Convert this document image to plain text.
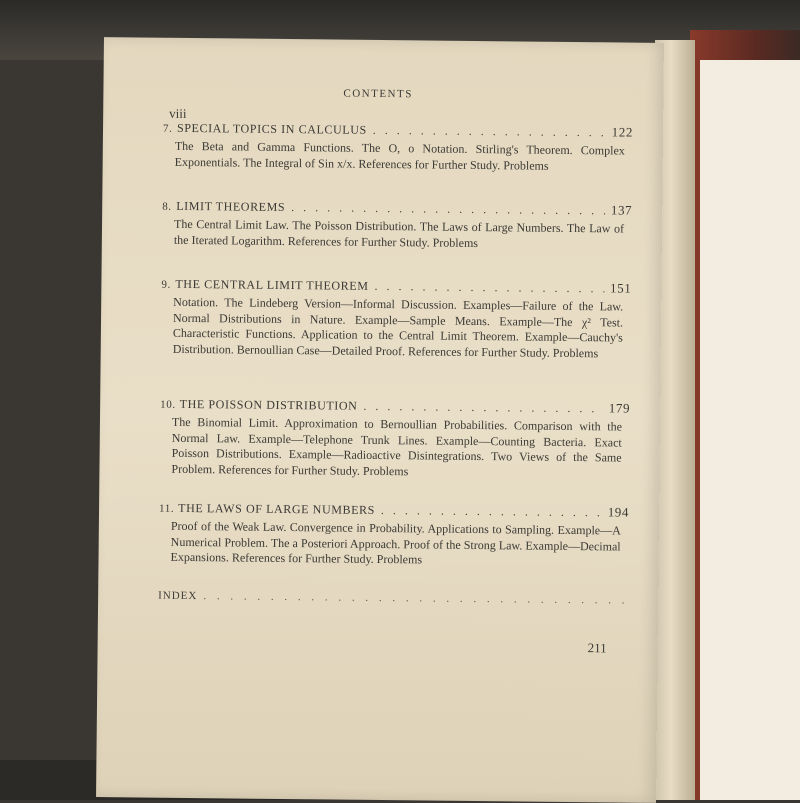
CONTENTS
viii
7. SPECIAL TOPICS IN CALCULUS . . .	122
The Beta and Gamma Functions. The O, o Notation. Stirling's Theorem. Complex Exponentials. The Integral of Sin x/x. References for Further Study. Problems
8. LIMIT THEOREMS . . .	137
The Central Limit Law. The Poisson Distribution. The Laws of Large Numbers. The Law of the Iterated Logarithm. References for Further Study. Problems
9. THE CENTRAL LIMIT THEOREM . . .	151
Notation. The Lindeberg Version—Informal Discussion. Examples—Failure of the Law. Normal Distributions in Nature. Example—Sample Means. Example—The χ² Test. Characteristic Functions. Application to the Central Limit Theorem. Example—Cauchy's Distribution. Bernoullian Case—Detailed Proof. References for Further Study. Problems
10. THE POISSON DISTRIBUTION . . .	179
The Binomial Limit. Approximation to Bernoullian Probabilities. Comparison with the Normal Law. Example—Telephone Trunk Lines. Example—Counting Bacteria. Exact Poisson Distributions. Example—Radioactive Disintegrations. Two Views of the Same Problem. References for Further Study. Problems
11. THE LAWS OF LARGE NUMBERS . . .	194
Proof of the Weak Law. Convergence in Probability. Applications to Sampling. Example—A Numerical Problem. The a Posteriori Approach. Proof of the Strong Law. Example—Decimal Expansions. References for Further Study. Problems
INDEX
. . .
211
